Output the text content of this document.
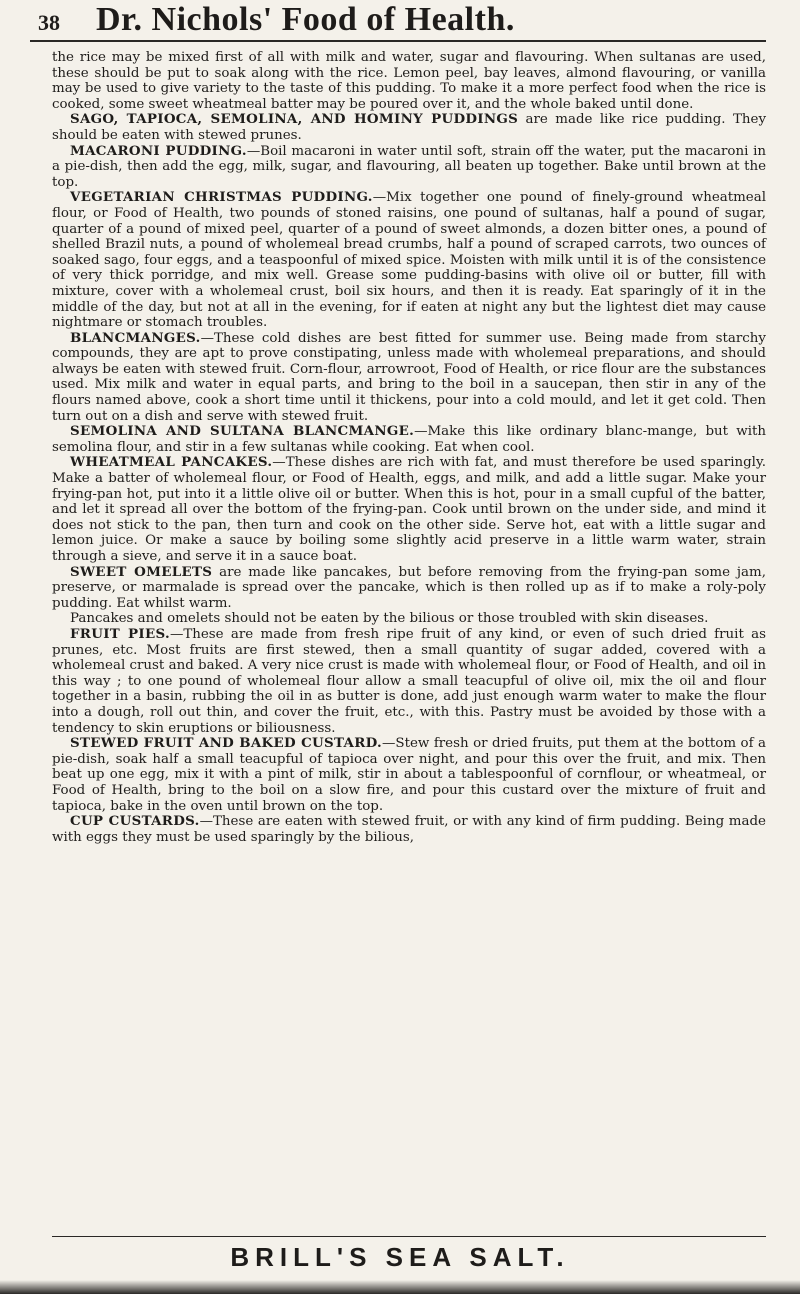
38	Dr. Nichols' Food of Health.

the rice may be mixed first of all with milk and water, sugar and flavouring. When sultanas are used, these should be put to soak along with the rice. Lemon peel, bay leaves, almond flavouring, or vanilla may be used to give variety to the taste of this pudding. To make it a more perfect food when the rice is cooked, some sweet wheatmeal batter may be poured over it, and the whole baked until done.

SAGO, TAPIOCA, SEMOLINA, AND HOMINY PUDDINGS are made like rice pudding. They should be eaten with stewed prunes.

MACARONI PUDDING.—Boil macaroni in water until soft, strain off the water, put the macaroni in a pie-dish, then add the egg, milk, sugar, and flavouring, all beaten up together. Bake until brown at the top.

VEGETARIAN CHRISTMAS PUDDING.—Mix together one pound of finely-ground wheatmeal flour, or Food of Health, two pounds of stoned raisins, one pound of sultanas, half a pound of sugar, quarter of a pound of mixed peel, quarter of a pound of sweet almonds, a dozen bitter ones, a pound of shelled Brazil nuts, a pound of wholemeal bread crumbs, half a pound of scraped carrots, two ounces of soaked sago, four eggs, and a teaspoonful of mixed spice. Moisten with milk until it is of the consistence of very thick porridge, and mix well. Grease some pudding-basins with olive oil or butter, fill with mixture, cover with a wholemeal crust, boil six hours, and then it is ready. Eat sparingly of it in the middle of the day, but not at all in the evening, for if eaten at night any but the lightest diet may cause nightmare or stomach troubles.

BLANCMANGES.—These cold dishes are best fitted for summer use. Being made from starchy compounds, they are apt to prove constipating, unless made with wholemeal preparations, and should always be eaten with stewed fruit. Corn-flour, arrowroot, Food of Health, or rice flour are the substances used. Mix milk and water in equal parts, and bring to the boil in a saucepan, then stir in any of the flours named above, cook a short time until it thickens, pour into a cold mould, and let it get cold. Then turn out on a dish and serve with stewed fruit.

SEMOLINA AND SULTANA BLANCMANGE.—Make this like ordinary blanc-mange, but with semolina flour, and stir in a few sultanas while cooking. Eat when cool.

WHEATMEAL PANCAKES.—These dishes are rich with fat, and must therefore be used sparingly. Make a batter of wholemeal flour, or Food of Health, eggs, and milk, and add a little sugar. Make your frying-pan hot, put into it a little olive oil or butter. When this is hot, pour in a small cupful of the batter, and let it spread all over the bottom of the frying-pan. Cook until brown on the under side, and mind it does not stick to the pan, then turn and cook on the other side. Serve hot, eat with a little sugar and lemon juice. Or make a sauce by boiling some slightly acid preserve in a little warm water, strain through a sieve, and serve it in a sauce boat.

SWEET OMELETS are made like pancakes, but before removing from the frying-pan some jam, preserve, or marmalade is spread over the pancake, which is then rolled up as if to make a roly-poly pudding. Eat whilst warm.

Pancakes and omelets should not be eaten by the bilious or those troubled with skin diseases.

FRUIT PIES.—These are made from fresh ripe fruit of any kind, or even of such dried fruit as prunes, etc. Most fruits are first stewed, then a small quantity of sugar added, covered with a wholemeal crust and baked. A very nice crust is made with wholemeal flour, or Food of Health, and oil in this way ; to one pound of wholemeal flour allow a small teacupful of olive oil, mix the oil and flour together in a basin, rubbing the oil in as butter is done, add just enough warm water to make the flour into a dough, roll out thin, and cover the fruit, etc., with this. Pastry must be avoided by those with a tendency to skin eruptions or biliousness.

STEWED FRUIT AND BAKED CUSTARD.—Stew fresh or dried fruits, put them at the bottom of a pie-dish, soak half a small teacupful of tapioca over night, and pour this over the fruit, and mix. Then beat up one egg, mix it with a pint of milk, stir in about a tablespoonful of cornflour, or wheatmeal, or Food of Health, bring to the boil on a slow fire, and pour this custard over the mixture of fruit and tapioca, bake in the oven until brown on the top.

CUP CUSTARDS.—These are eaten with stewed fruit, or with any kind of firm pudding. Being made with eggs they must be used sparingly by the bilious,

BRILL'S SEA SALT.
